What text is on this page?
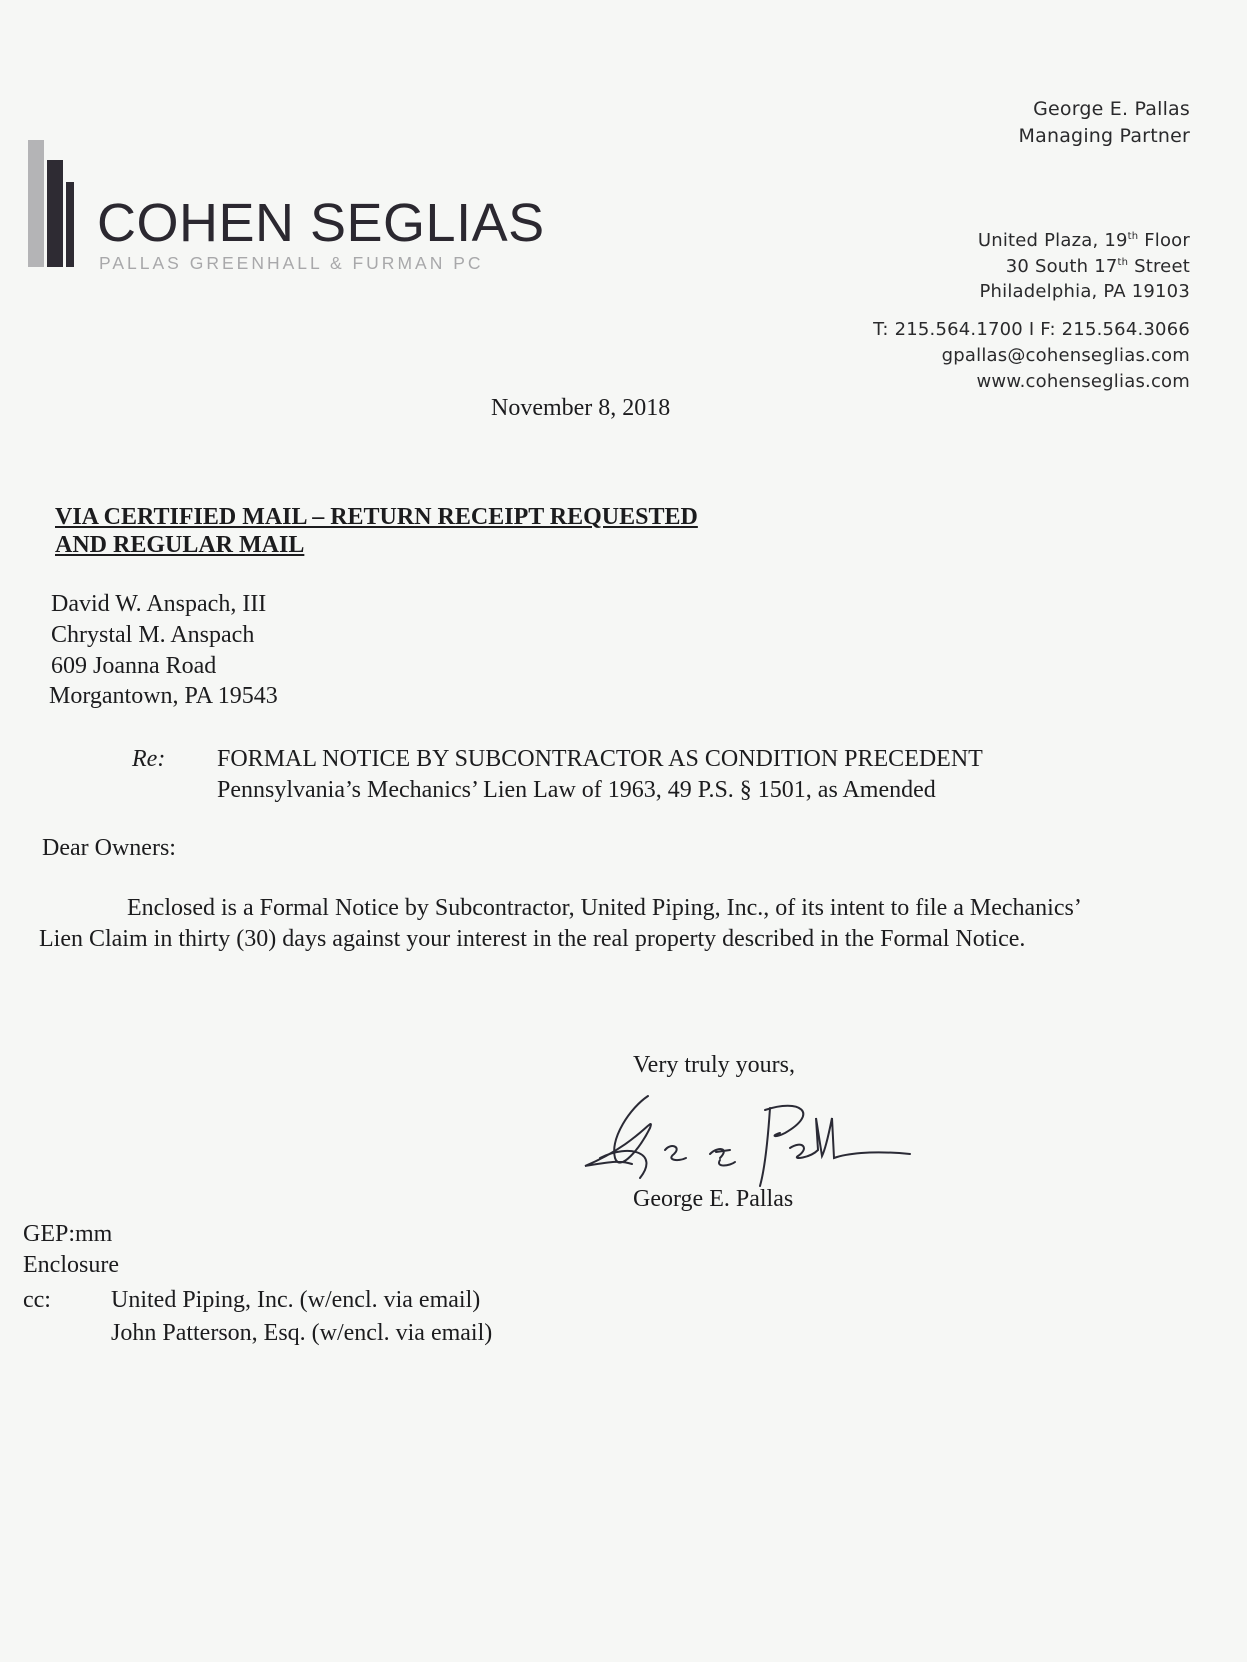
COHEN SEGLIAS
PALLAS GREENHALL & FURMAN PC
George E. Pallas
Managing Partner
United Plaza, 19th Floor
30 South 17th Street
Philadelphia, PA 19103
T: 215.564.1700 I F: 215.564.3066
gpallas@cohenseglias.com
www.cohenseglias.com
November 8, 2018
VIA CERTIFIED MAIL – RETURN RECEIPT REQUESTED
AND REGULAR MAIL
David W. Anspach, III
Chrystal M. Anspach
609 Joanna Road
Morgantown, PA 19543
Re: FORMAL NOTICE BY SUBCONTRACTOR AS CONDITION PRECEDENT
Pennsylvania’s Mechanics’ Lien Law of 1963, 49 P.S. § 1501, as Amended
Dear Owners:
Enclosed is a Formal Notice by Subcontractor, United Piping, Inc., of its intent to file a Mechanics’ Lien Claim in thirty (30) days against your interest in the real property described in the Formal Notice.
Very truly yours,
George E. Pallas
GEP:mm
Enclosure
cc:	United Piping, Inc. (w/encl. via email)
John Patterson, Esq. (w/encl. via email)
